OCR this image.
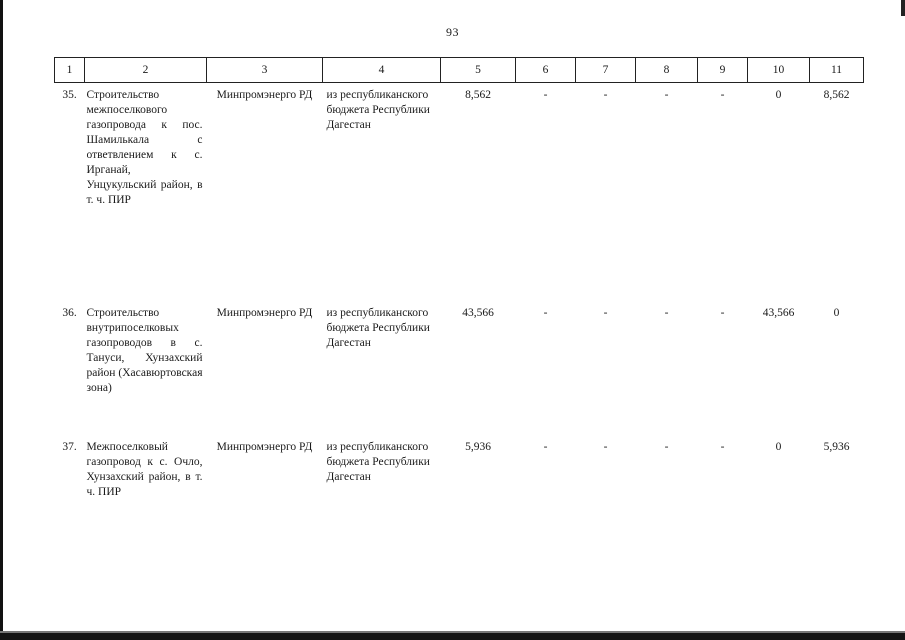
93
1	2	3	4	5	6	7	8	9	10	11
35.	Строительство межпоселкового газопровода к пос. Шамилькала с ответвлением к с. Ирганай, Унцукульский район, в т. ч. ПИР	Минпромэнерго РД	из республиканского бюджета Республики Дагестан	8,562	-	-	-	-	0	8,562
36.	Строительство внутрипоселковых газопроводов в с. Тануси, Хунзахский район (Хасавюртовская зона)	Минпромэнерго РД	из республиканского бюджета Республики Дагестан	43,566	-	-	-	-	43,566	0
37.	Межпоселковый газопровод к с. Очло, Хунзахский район, в т. ч. ПИР	Минпромэнерго РД	из республиканского бюджета Республики Дагестан	5,936	-	-	-	-	0	5,936
